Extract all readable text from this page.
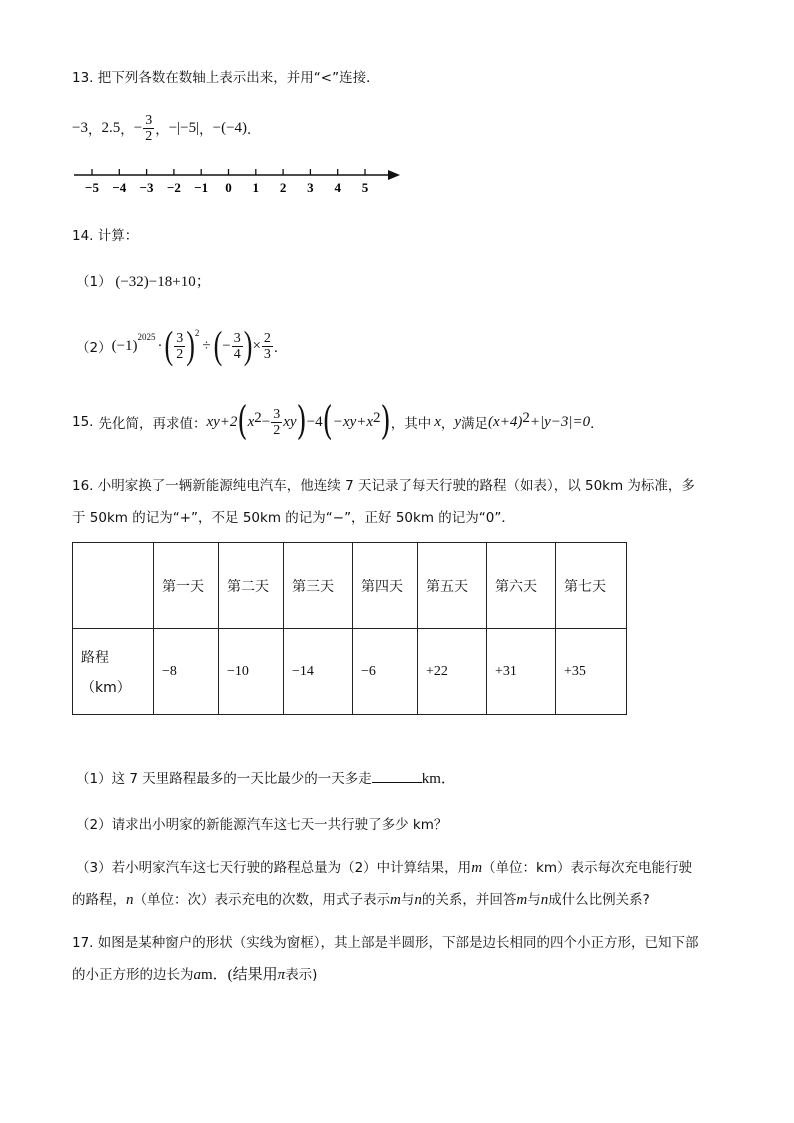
13. 把下列各数在数轴上表示出来，并用“<”连接．
−3 ， 2.5 ， − $\frac{3}{2}$ ， −|−5| ， −(−4) ．
−5 −4 −3 −2 −1 0 1 2 3 4 5
14. 计算：
（1） (−32)−18+10；
（2） (−1)
$^{2025}$
· ( $\frac{3}{2} )^2$
÷ ( − $\frac{3}{4}$ ) × $\frac{2}{3}$ ．
15. 先化简，再求值： xy+2 ( x $2 - \frac{3}{2}$ xy ) −4 ( −xy+x 2 ) ，其中 x ， y 满足 (x+4) 2 +|y−3|=0 ．
16. 小明家换了一辆新能源纯电汽车，他连续 7 天记录了每天行驶的路程（如表），以 50km 为标准，多
于 50km 的记为“+”，不足 50km 的记为“−”，正好 50km 的记为“0”．
	第一天	第二天	第三天	第四天	第五天	第六天	第七天

路程
（km）	−8	−10	−14	−6	+22	+31	+35
（1）这 7 天里路程最多的一天比最少的一天多走	km．
（2）请求出小明家的新能源汽车这七天一共行驶了多少 km？
（3）若小明家汽车这七天行驶的路程总量为（2）中计算结果，用m（单位：km）表示每次充电能行驶
的路程，n（单位：次）表示充电的次数，用式子表示m与n的关系，并回答m与n成什么比例关系?
17. 如图是某种窗户的形状（实线为窗框），其上部是半圆形，下部是边长相同的四个小正方形，已知下部
的小正方形的边长为am．(结果用π表示)
